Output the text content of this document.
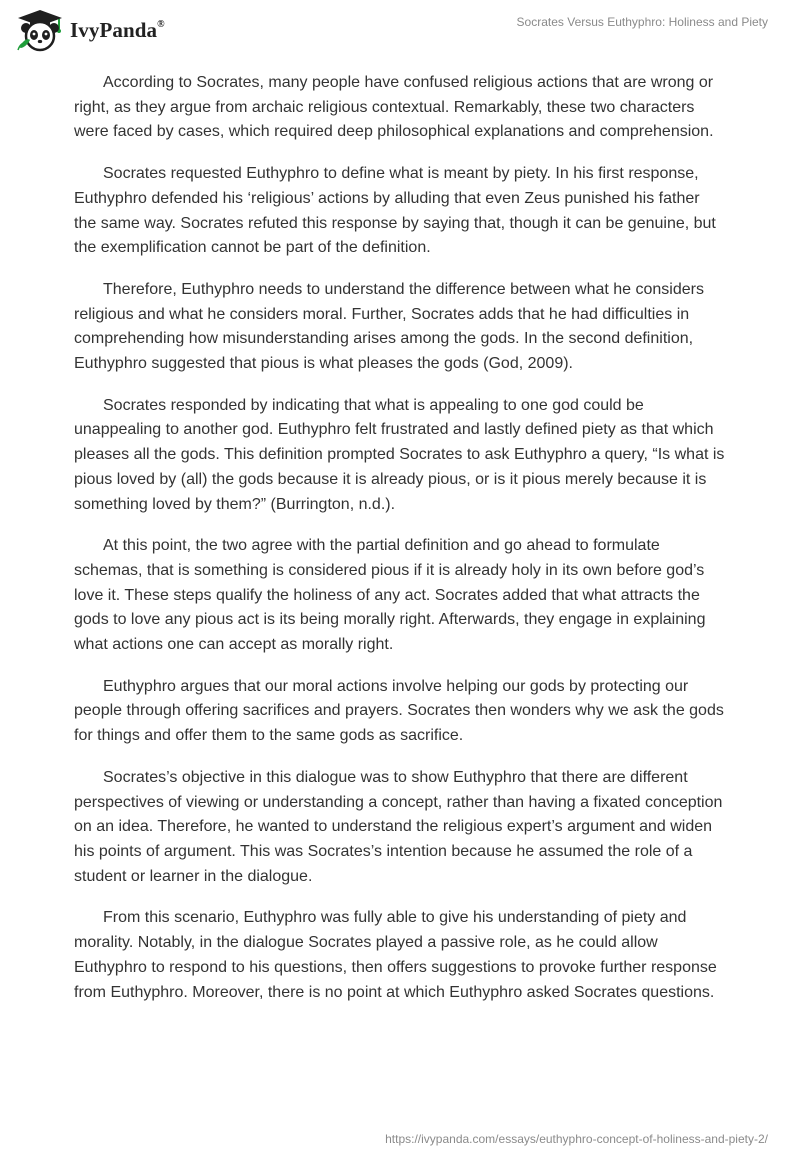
IvyPanda®	Socrates Versus Euthyphro: Holiness and Piety

According to Socrates, many people have confused religious actions that are wrong or right, as they argue from archaic religious contextual. Remarkably, these two characters were faced by cases, which required deep philosophical explanations and comprehension.

Socrates requested Euthyphro to define what is meant by piety. In his first response, Euthyphro defended his ‘religious’ actions by alluding that even Zeus punished his father the same way. Socrates refuted this response by saying that, though it can be genuine, but the exemplification cannot be part of the definition.

Therefore, Euthyphro needs to understand the difference between what he considers religious and what he considers moral. Further, Socrates adds that he had difficulties in comprehending how misunderstanding arises among the gods. In the second definition, Euthyphro suggested that pious is what pleases the gods (God, 2009).

Socrates responded by indicating that what is appealing to one god could be unappealing to another god. Euthyphro felt frustrated and lastly defined piety as that which pleases all the gods. This definition prompted Socrates to ask Euthyphro a query, “Is what is pious loved by (all) the gods because it is already pious, or is it pious merely because it is something loved by them?” (Burrington, n.d.).

At this point, the two agree with the partial definition and go ahead to formulate schemas, that is something is considered pious if it is already holy in its own before god’s love it. These steps qualify the holiness of any act. Socrates added that what attracts the gods to love any pious act is its being morally right. Afterwards, they engage in explaining what actions one can accept as morally right.

Euthyphro argues that our moral actions involve helping our gods by protecting our people through offering sacrifices and prayers. Socrates then wonders why we ask the gods for things and offer them to the same gods as sacrifice.

Socrates’s objective in this dialogue was to show Euthyphro that there are different perspectives of viewing or understanding a concept, rather than having a fixated conception on an idea. Therefore, he wanted to understand the religious expert’s argument and widen his points of argument. This was Socrates’s intention because he assumed the role of a student or learner in the dialogue.

From this scenario, Euthyphro was fully able to give his understanding of piety and morality. Notably, in the dialogue Socrates played a passive role, as he could allow Euthyphro to respond to his questions, then offers suggestions to provoke further response from Euthyphro. Moreover, there is no point at which Euthyphro asked Socrates questions.

https://ivypanda.com/essays/euthyphro-concept-of-holiness-and-piety-2/
